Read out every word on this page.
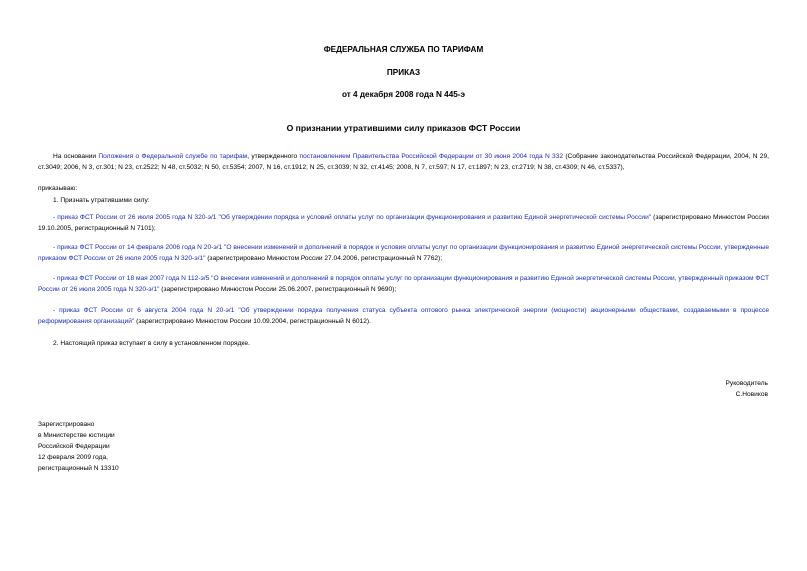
ФЕДЕРАЛЬНАЯ СЛУЖБА ПО ТАРИФАМ
ПРИКАЗ
от 4 декабря 2008 года N 445-э
О признании утратившими силу приказов ФСТ России
На основании Положения о Федеральной службе по тарифам, утвержденного постановлением Правительства Российской Федерации от 30 июня 2004 года N 332 (Собрание законодательства Российской Федерации, 2004, N 29, ст.3049; 2006, N 3, ст.301; N 23, ст.2522; N 48, ст.5032; N 50, ст.5354; 2007, N 16, ст.1912; N 25, ст.3039; N 32, ст.4145; 2008, N 7, ст.597; N 17, ст.1897; N 23, ст.2719; N 38, ст.4309; N 46, ст.5337),
приказываю:
1. Признать утратившими силу:
- приказ ФСТ России от 26 июля 2005 года N 320-э/1 "Об утверждении порядка и условий оплаты услуг по организации функционирования и развитию Единой энергетической системы России" (зарегистрировано Минюстом России 19.10.2005, регистрационный N 7101);
- приказ ФСТ России от 14 февраля 2006 года N 20-э/1 "О внесении изменений и дополнений в порядок и условия оплаты услуг по организации функционирования и развитию Единой энергетической системы России, утвержденные приказом ФСТ России от 26 июля 2005 года N 320-э/1" (зарегистрировано Минюстом России 27.04.2006, регистрационный N 7762);
- приказ ФСТ России от 18 мая 2007 года N 112-э/5 "О внесении изменений и дополнений в порядок оплаты услуг по организации функционирования и развитию Единой энергетической системы России, утвержденный приказом ФСТ России от 26 июля 2005 года N 320-э/1" (зарегистрировано Минюстом России 25.06.2007, регистрационный N 9690);
- приказ ФСТ России от 6 августа 2004 года N 20-э/1 "Об утверждении порядка получения статуса субъекта оптового рынка электрической энергии (мощности) акционерными обществами, создаваемыми в процессе реформирования организаций" (зарегистрировано Минюстом России 10.09.2004, регистрационный N 6012).
2. Настоящий приказ вступает в силу в установленном порядке.
Руководитель
С.Новиков
Зарегистрировано
в Министерстве юстиции
Российской Федерации
12 февраля 2009 года,
регистрационный N 13310
